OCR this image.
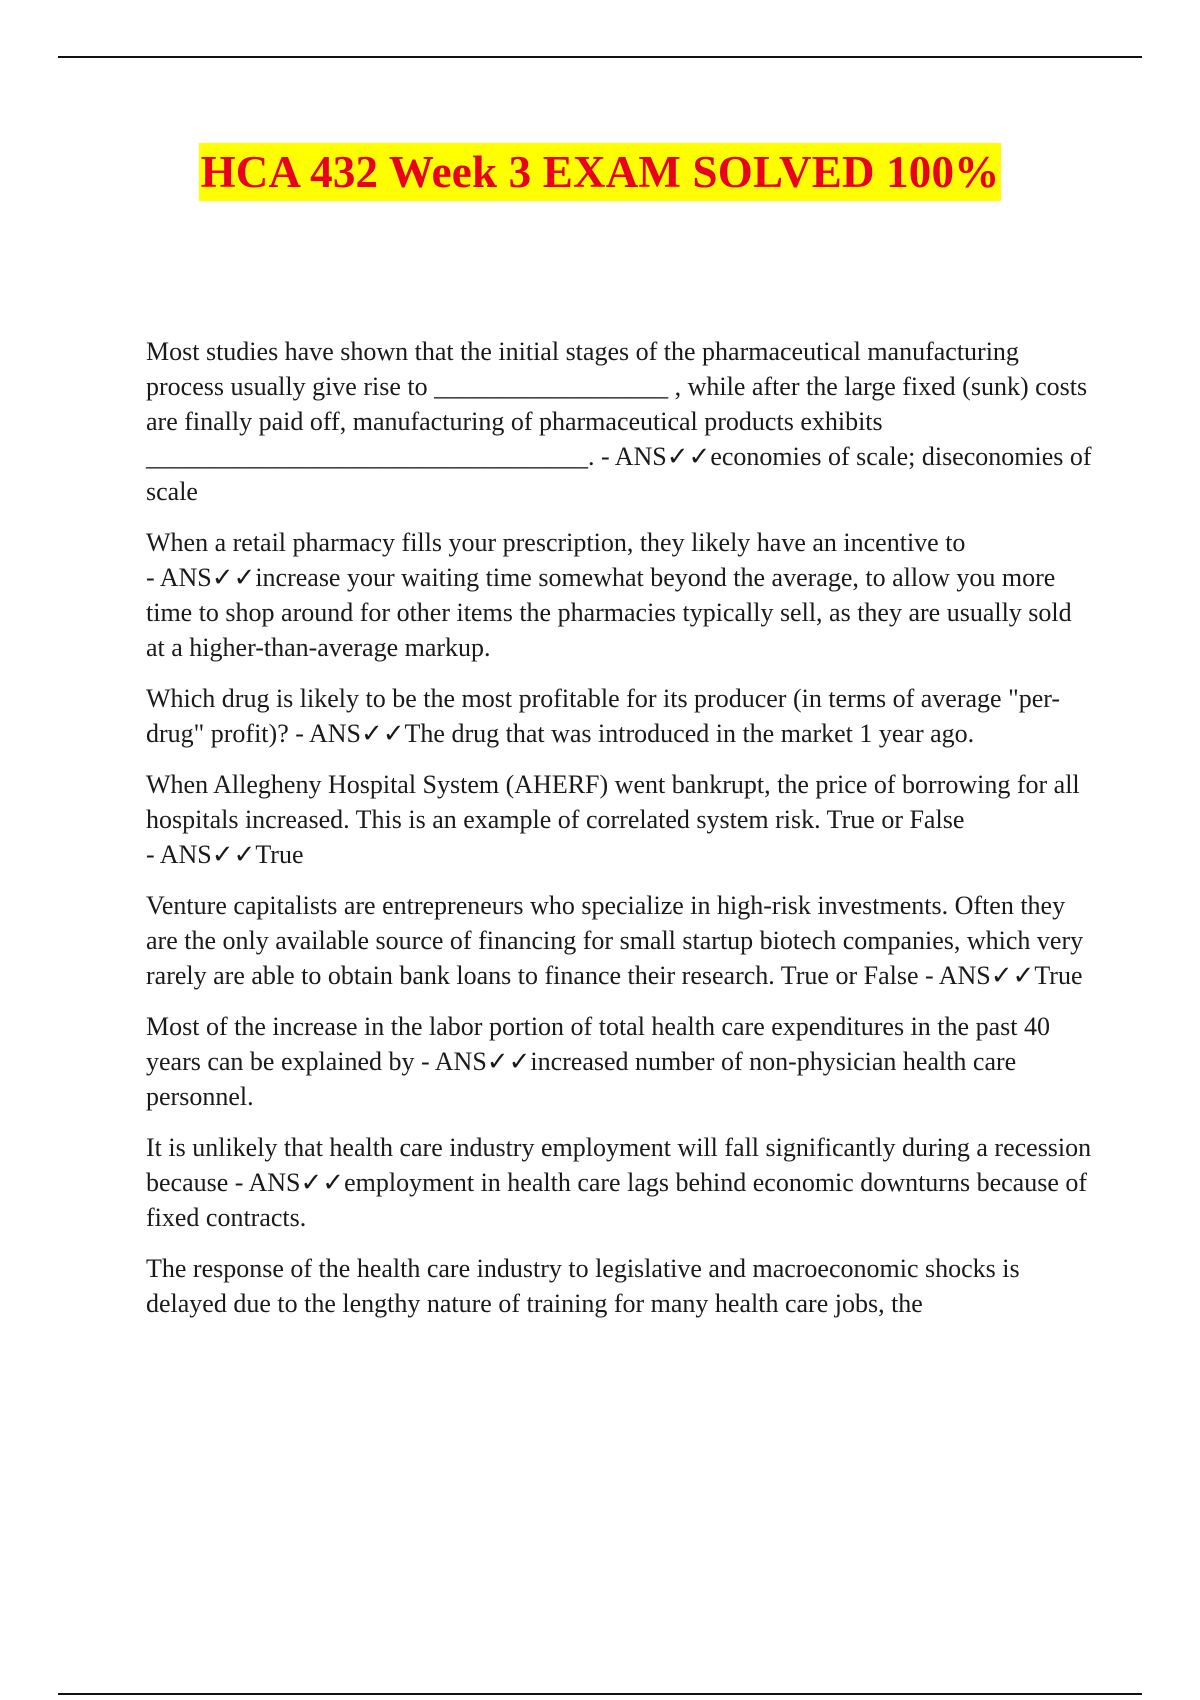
HCA 432 Week 3 EXAM SOLVED 100%

Most studies have shown that the initial stages of the pharmaceutical manufacturing process usually give rise to __________________ , while after the large fixed (sunk) costs are finally paid off, manufacturing of pharmaceutical products exhibits __________________________________. - ANS✓✓economies of scale; diseconomies of scale

When a retail pharmacy fills your prescription, they likely have an incentive to - ANS✓✓increase your waiting time somewhat beyond the average, to allow you more time to shop around for other items the pharmacies typically sell, as they are usually sold at a higher-than-average markup.

Which drug is likely to be the most profitable for its producer (in terms of average "per-drug" profit)? - ANS✓✓The drug that was introduced in the market 1 year ago.

When Allegheny Hospital System (AHERF) went bankrupt, the price of borrowing for all hospitals increased. This is an example of correlated system risk. True or False - ANS✓✓True

Venture capitalists are entrepreneurs who specialize in high-risk investments. Often they are the only available source of financing for small startup biotech companies, which very rarely are able to obtain bank loans to finance their research. True or False - ANS✓✓True

Most of the increase in the labor portion of total health care expenditures in the past 40 years can be explained by - ANS✓✓increased number of non-physician health care personnel.

It is unlikely that health care industry employment will fall significantly during a recession because - ANS✓✓employment in health care lags behind economic downturns because of fixed contracts.

The response of the health care industry to legislative and macroeconomic shocks is delayed due to the lengthy nature of training for many health care jobs, the
